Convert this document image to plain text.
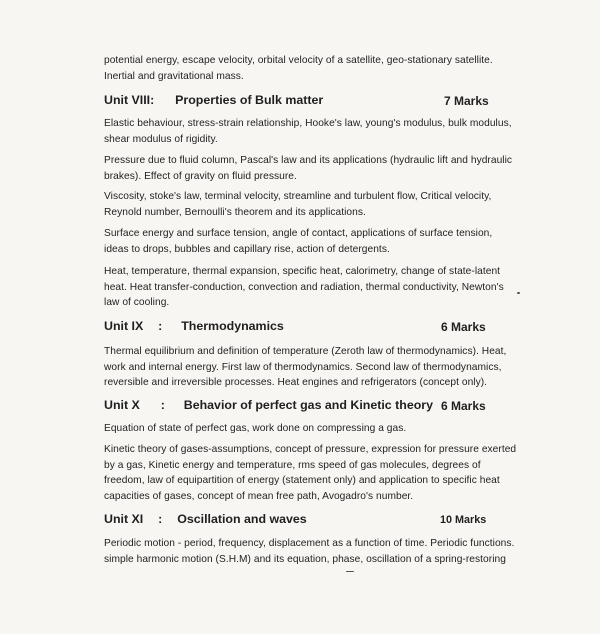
potential energy, escape velocity, orbital velocity of a satellite, geo-stationary satellite.
Inertial and gravitational mass.

Unit VIII: Properties of Bulk matter	7 Marks

Elastic behaviour, stress-strain relationship, Hooke's law, young's modulus, bulk modulus,
shear modulus of rigidity.

Pressure due to fluid column, Pascal's law and its applications (hydraulic lift and hydraulic
brakes). Effect of gravity on fluid pressure.

Viscosity, stoke's law, terminal velocity, streamline and turbulent flow, Critical velocity,
Reynold number, Bernoulli's theorem and its applications.

Surface energy and surface tension, angle of contact, applications of surface tension,
ideas to drops, bubbles and capillary rise, action of detergents.

Heat, temperature, thermal expansion, specific heat, calorimetry, change of state-latent
heat. Heat transfer-conduction, convection and radiation, thermal conductivity, Newton's
law of cooling.

Unit IX : Thermodynamics	6 Marks

Thermal equilibrium and definition of temperature (Zeroth law of thermodynamics). Heat,
work and internal energy. First law of thermodynamics. Second law of thermodynamics,
reversible and irreversible processes. Heat engines and refrigerators (concept only).

Unit X : Behavior of perfect gas and Kinetic theory 6 Marks

Equation of state of perfect gas, work done on compressing a gas.

Kinetic theory of gases-assumptions, concept of pressure, expression for pressure exerted
by a gas, Kinetic energy and temperature, rms speed of gas molecules, degrees of
freedom, law of equipartition of energy (statement only) and application to specific heat
capacities of gases, concept of mean free path, Avogadro's number.

Unit XI : Oscillation and waves	10 Marks

Periodic motion - period, frequency, displacement as a function of time. Periodic functions.
simple harmonic motion (S.H.M) and its equation, phase, oscillation of a spring-restoring
